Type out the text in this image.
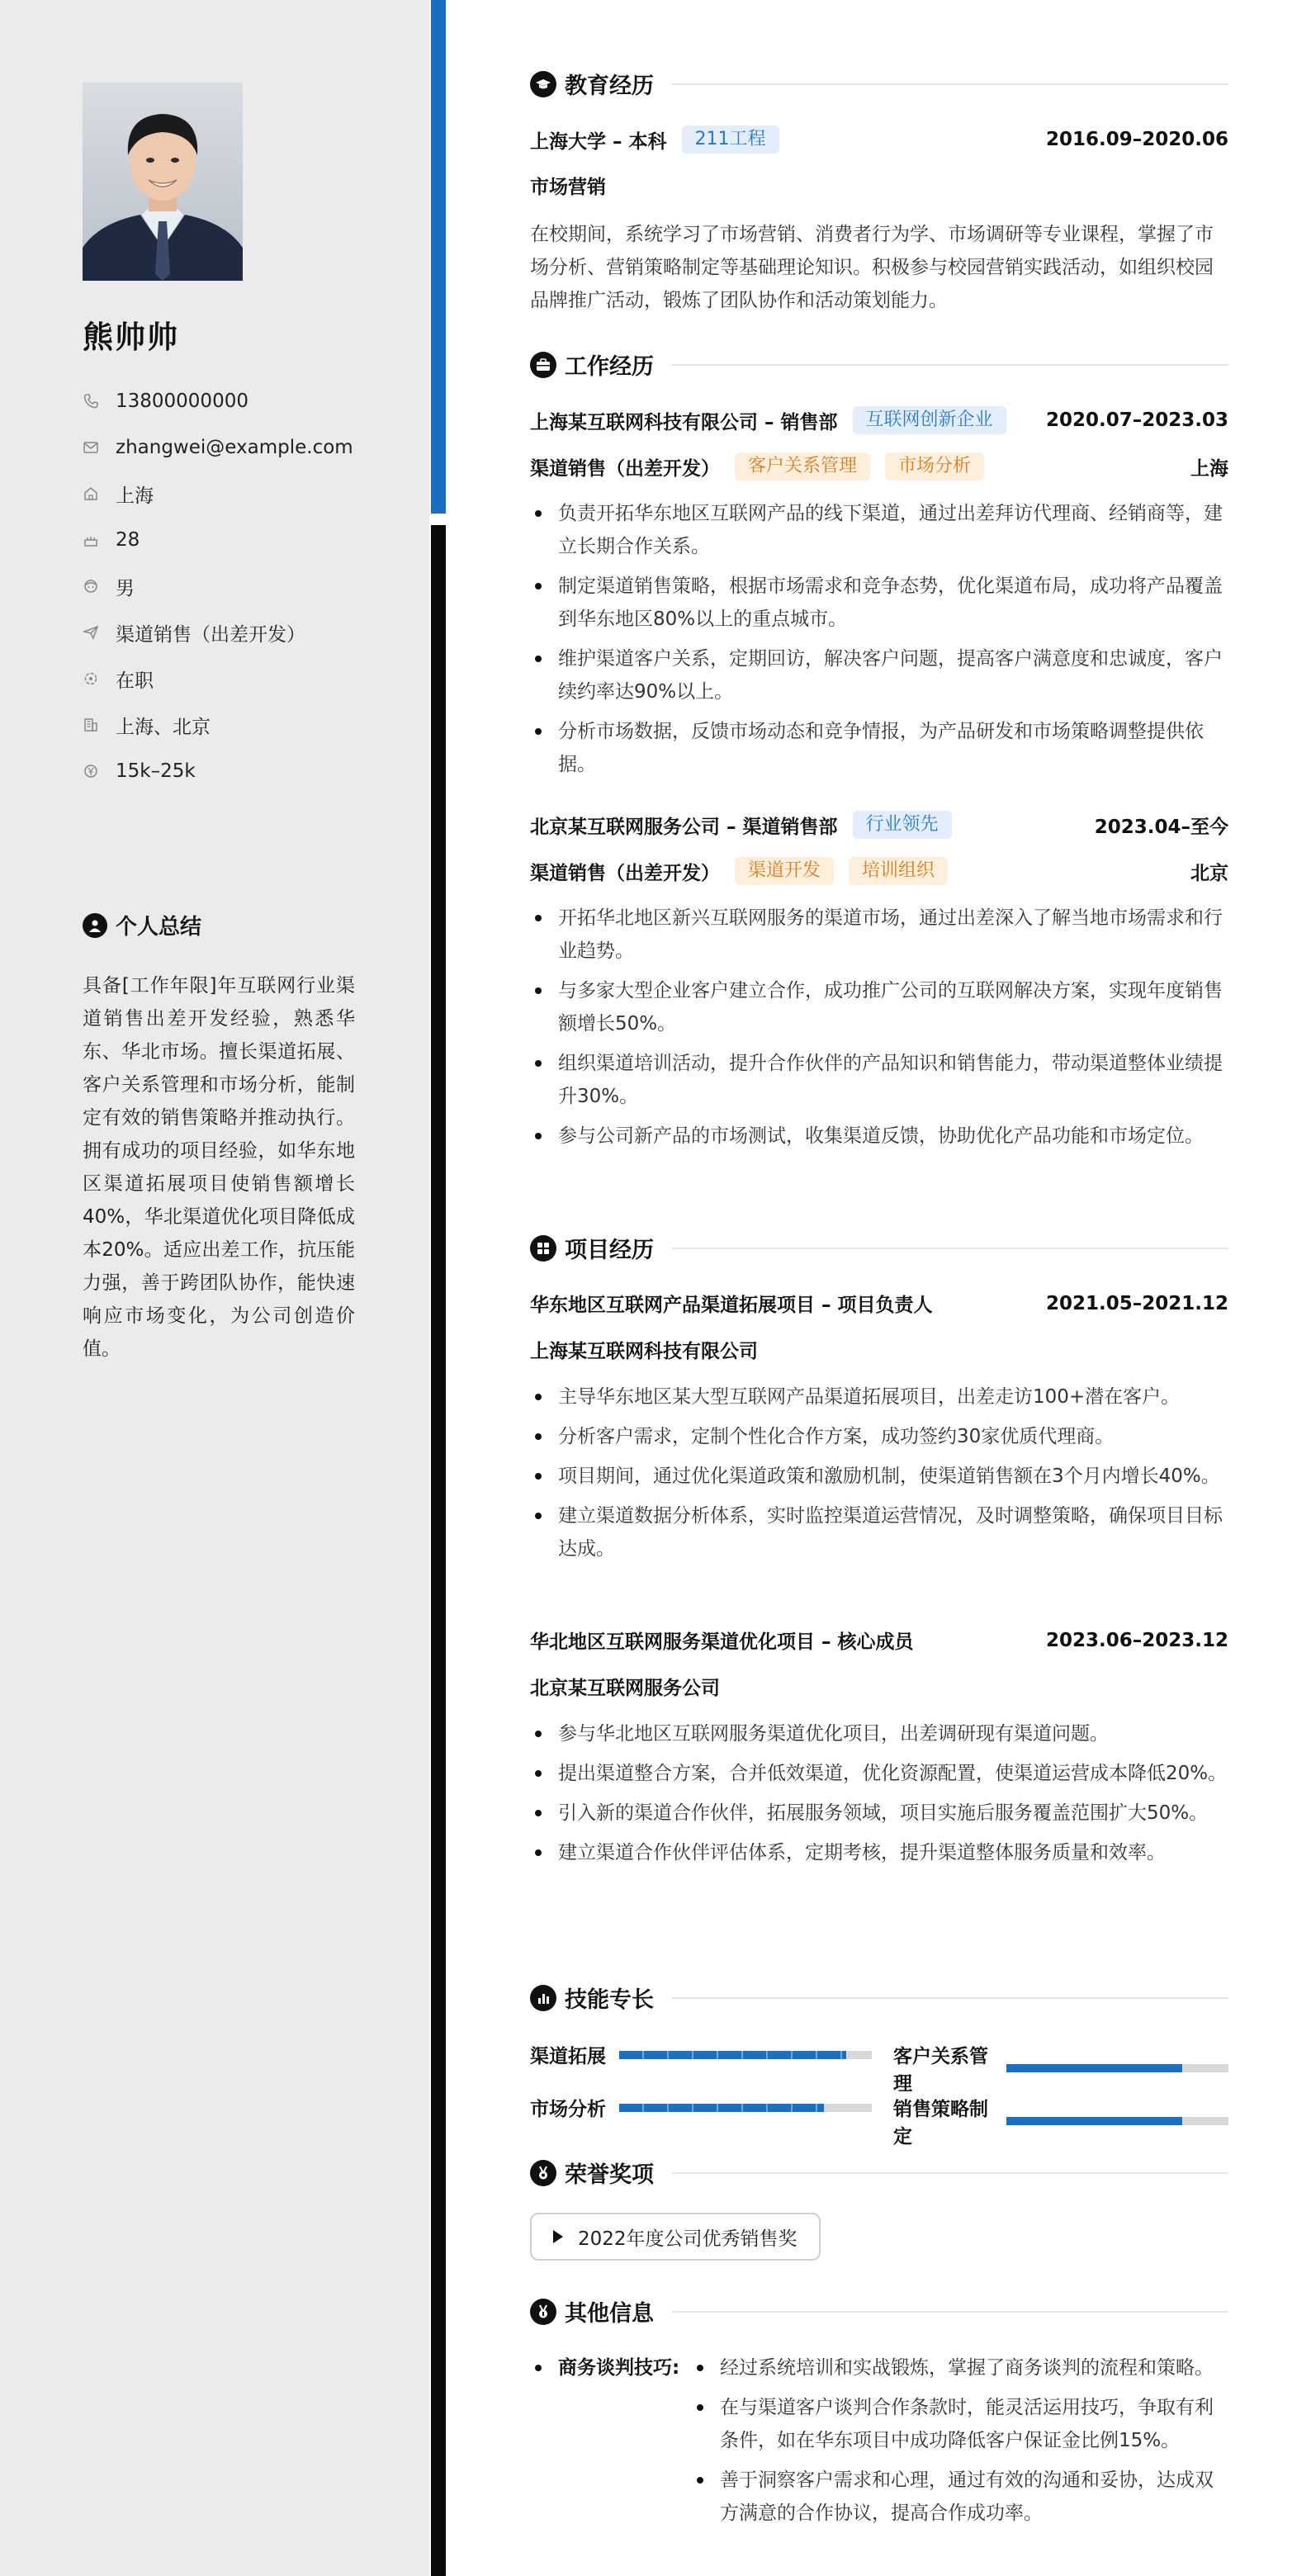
熊帅帅
13800000000
zhangwei@example.com
上海
28
男
渠道销售（出差开发）
在职
上海、北京
15k–25k
个人总结

具备[工作年限]年互联网行业渠道销售出差开发经验，熟悉华东、华北市场。擅长渠道拓展、客户关系管理和市场分析，能制定有效的销售策略并推动执行。拥有成功的项目经验，如华东地区渠道拓展项目使销售额增长40%，华北渠道优化项目降低成本20%。适应出差工作，抗压能力强，善于跨团队协作，能快速响应市场变化，为公司创造价值。

教育经历
上海大学 – 本科	211工程	2016.09–2020.06
市场营销

在校期间，系统学习了市场营销、消费者行为学、市场调研等专业课程，掌握了市场分析、营销策略制定等基础理论知识。积极参与校园营销实践活动，如组织校园品牌推广活动，锻炼了团队协作和活动策划能力。

工作经历
上海某互联网科技有限公司 – 销售部	互联网创新企业	2020.07–2023.03
渠道销售（出差开发）	客户关系管理	市场分析	上海
负责开拓华东地区互联网产品的线下渠道，通过出差拜访代理商、经销商等，建立长期合作关系。
制定渠道销售策略，根据市场需求和竞争态势，优化渠道布局，成功将产品覆盖到华东地区80%以上的重点城市。
维护渠道客户关系，定期回访，解决客户问题，提高客户满意度和忠诚度，客户续约率达90%以上。
分析市场数据，反馈市场动态和竞争情报，为产品研发和市场策略调整提供依据。
北京某互联网服务公司 – 渠道销售部	行业领先	2023.04–至今
渠道销售（出差开发）	渠道开发	培训组织	北京
开拓华北地区新兴互联网服务的渠道市场，通过出差深入了解当地市场需求和行业趋势。
与多家大型企业客户建立合作，成功推广公司的互联网解决方案，实现年度销售额增长50%。
组织渠道培训活动，提升合作伙伴的产品知识和销售能力，带动渠道整体业绩提升30%。
参与公司新产品的市场测试，收集渠道反馈，协助优化产品功能和市场定位。
项目经历
华东地区互联网产品渠道拓展项目 – 项目负责人	2021.05–2021.12
上海某互联网科技有限公司
主导华东地区某大型互联网产品渠道拓展项目，出差走访100+潜在客户。
分析客户需求，定制个性化合作方案，成功签约30家优质代理商。
项目期间，通过优化渠道政策和激励机制，使渠道销售额在3个月内增长40%。
建立渠道数据分析体系，实时监控渠道运营情况，及时调整策略，确保项目目标达成。
华北地区互联网服务渠道优化项目 – 核心成员	2023.06–2023.12
北京某互联网服务公司
参与华北地区互联网服务渠道优化项目，出差调研现有渠道问题。
提出渠道整合方案，合并低效渠道，优化资源配置，使渠道运营成本降低20%。
引入新的渠道合作伙伴，拓展服务领域，项目实施后服务覆盖范围扩大50%。
建立渠道合作伙伴评估体系，定期考核，提升渠道整体服务质量和效率。
技能专长
渠道拓展	客户关系管理
市场分析	销售策略制定
荣誉奖项
2022年度公司优秀销售奖
其他信息
商务谈判技巧:	经过系统培训和实战锻炼，掌握了商务谈判的流程和策略。
在与渠道客户谈判合作条款时，能灵活运用技巧，争取有利条件，如在华东项目中成功降低客户保证金比例15%。
善于洞察客户需求和心理，通过有效的沟通和妥协，达成双方满意的合作协议，提高合作成功率。
